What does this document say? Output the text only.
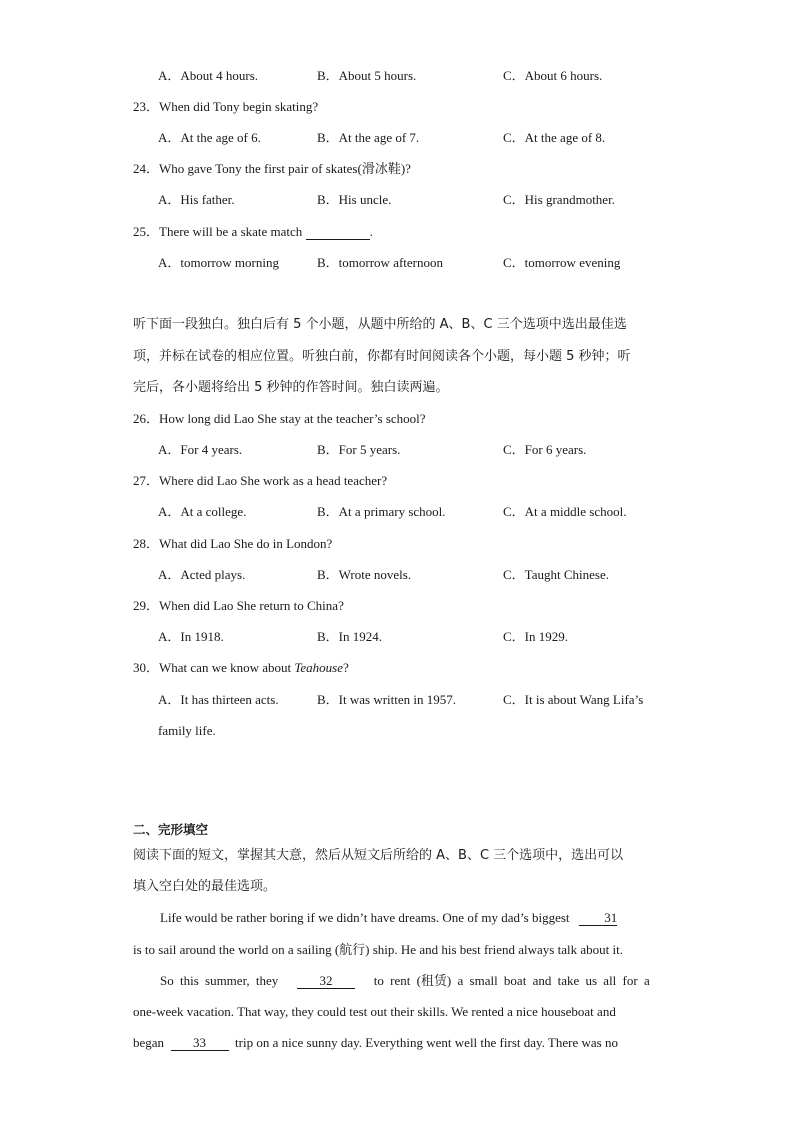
A．About 4 hours.	B．About 5 hours.	C．About 6 hours.
23．When did Tony begin skating?
A．At the age of 6.	B．At the age of 7.	C．At the age of 8.
24．Who gave Tony the first pair of skates(滑冰鞋)?
A．His father.	B．His uncle.	C．His grandmother.
25．There will be a skate match	.
A．tomorrow morning	B．tomorrow afternoon	C．tomorrow evening
听下面一段独白。独白后有 5 个小题，从题中所给的 A、B、C 三个选项中选出最佳选
项，并标在试卷的相应位置。听独白前，你都有时间阅读各个小题，每小题 5 秒钟；听
完后，各小题将给出 5 秒钟的作答时间。独白读两遍。
26．How long did Lao She stay at the teacher’s school?
A．For 4 years.	B．For 5 years.	C．For 6 years.
27．Where did Lao She work as a head teacher?
A．At a college.	B．At a primary school.	C．At a middle school.
28．What did Lao She do in London?
A．Acted plays.	B．Wrote novels.	C．Taught Chinese.
29．When did Lao She return to China?
A．In 1918.	B．In 1924.	C．In 1929.
30．What can we know about Teahouse?
A．It has thirteen acts.	B．It was written in 1957.	C．It is about Wang Lifa’s
family life.
二、完形填空
阅读下面的短文，掌握其大意，然后从短文后所给的 A、B、C 三个选项中，选出可以
填入空白处的最佳选项。
Life would be rather boring if we didn’t have dreams. One of my dad’s biggest	31
is to sail around the world on a sailing (航行) ship. He and his best friend always talk about it.
So this summer, they	32	to rent (租赁) a small boat and take us all for a
one-week vacation. That way, they could test out their skills. We rented a nice houseboat and
began 33 trip on a nice sunny day. Everything went well the first day. There was no
